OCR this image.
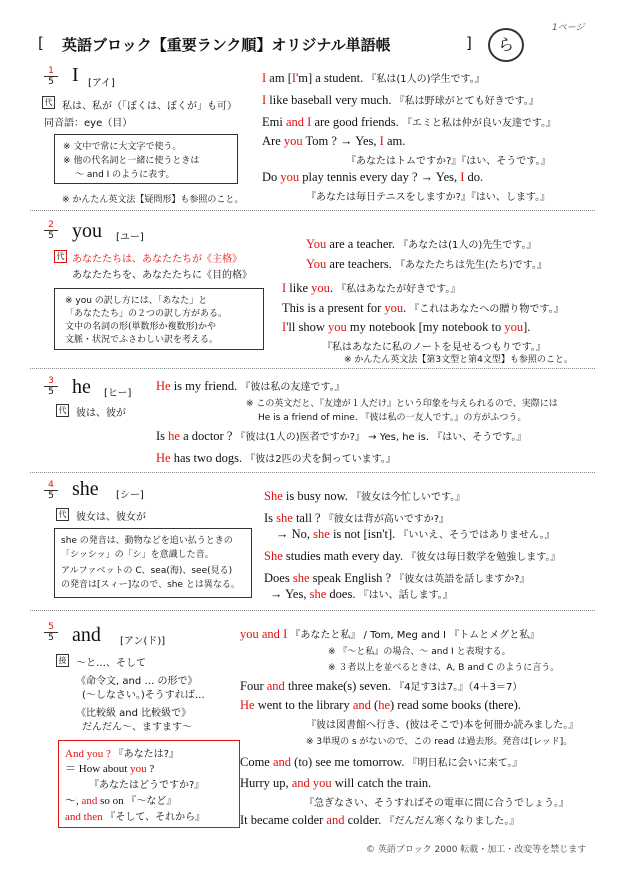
1ページ
[ 英語ブロック【重要ランク順】オリジナル単語帳	]	ら
1
5 I [アイ]
代 私は、私が（「ぼくは、ぼくが」も可）
同音語：eye（目）
※ 文中で常に大文字で使う。
※ 他の代名詞と一緒に使うときは
～ and I のように表す。
※ かんたん英文法【疑問形】も参照のこと。
I am [I'm] a student. 『私は(1人の)学生です。』
I like baseball very much. 『私は野球がとても好きです。』
Emi and I are good friends. 『エミと私は仲が良い友達です。』
Are you Tom ? → Yes, I am.
『あなたはトムですか?』『はい、そうです。』
Do you play tennis every day ? → Yes, I do.
『あなたは毎日テニスをしますか?』『はい、します。』
2
5 you [ユー]
代 あなたたちは、あなたたちが《主格》
あなたたちを、あなたたちに《目的格》
※ you の訳し方には、「あなた」と
「あなたたち」の２つの訳し方がある。
文中の名詞の形(単数形か複数形)かや
文脈・状況でふさわしい訳を考える。
You are a teacher. 『あなたは(1人の)先生です。』
You are teachers. 『あなたたちは先生(たち)です。』
I like you. 『私はあなたが好きです。』
This is a present for you. 『これはあなたへの贈り物です。』
I'll show you my notebook [my notebook to you].
『私はあなたに私のノートを見せるつもりです。』
※ かんたん英文法【第3文型と第4文型】も参照のこと。
3
5 he [ヒー]
代 彼は、彼が
He is my friend. 『彼は私の友達です。』
※ この英文だと、『友達が１人だけ』という印象を与えられるので、実際には
He is a friend of mine. 『彼は私の一友人です。』の方がふつう。
Is he a doctor ? 『彼は(1人の)医者ですか?』 → Yes, he is. 『はい、そうです。』
He has two dogs. 『彼は2匹の犬を飼っています。』
4
5 she [シー]
代 彼女は、彼女が
she の発音は、動物などを追い払うときの
「シッシッ」の「シ」を意識した音。
アルファベットの C、sea(海)、see(見る)
の発音は[スィー]なので、she とは異なる。
She is busy now. 『彼女は今忙しいです。』
Is she tall ? 『彼女は背が高いですか?』
→ No, she is not [isn't]. 『いいえ、そうではありません。』
She studies math every day. 『彼女は毎日数学を勉強します。』
Does she speak English ? 『彼女は英語を話しますか?』
→ Yes, she does. 『はい、話します。』
5
5 and [アン(ド)]
接 ～と…、そして
《命令文, and … の形で》
(～しなさい。)そうすれば…
《比較級 and 比較級で》
だんだん～、ますます～
And you ? 『あなたは?』
＝ How about you ?
『あなたはどうですか?』
～, and so on 『～など』
and then 『そして、それから』
you and I 『あなたと私』 / Tom, Meg and I 『トムとメグと私』
※ 『～と私』の場合、～ and I と表現する。
※ ３者以上を並べるときは、A, B and C のように言う。
Four and three make(s) seven. 『4足す3は7。』（4＋3＝7）
He went to the library and (he) read some books (there).
『彼は図書館へ行き、(彼はそこで)本を何冊か読みました。』
※ 3単現の s がないので、この read は過去形。発音は[レッド]。
Come and (to) see me tomorrow. 『明日私に会いに来て。』
Hurry up, and you will catch the train.
『急ぎなさい、そうすればその電車に間に合うでしょう。』
It became colder and colder. 『だんだん寒くなりました。』
© 英語ブロック 2000 転載・加工・改変等を禁じます
